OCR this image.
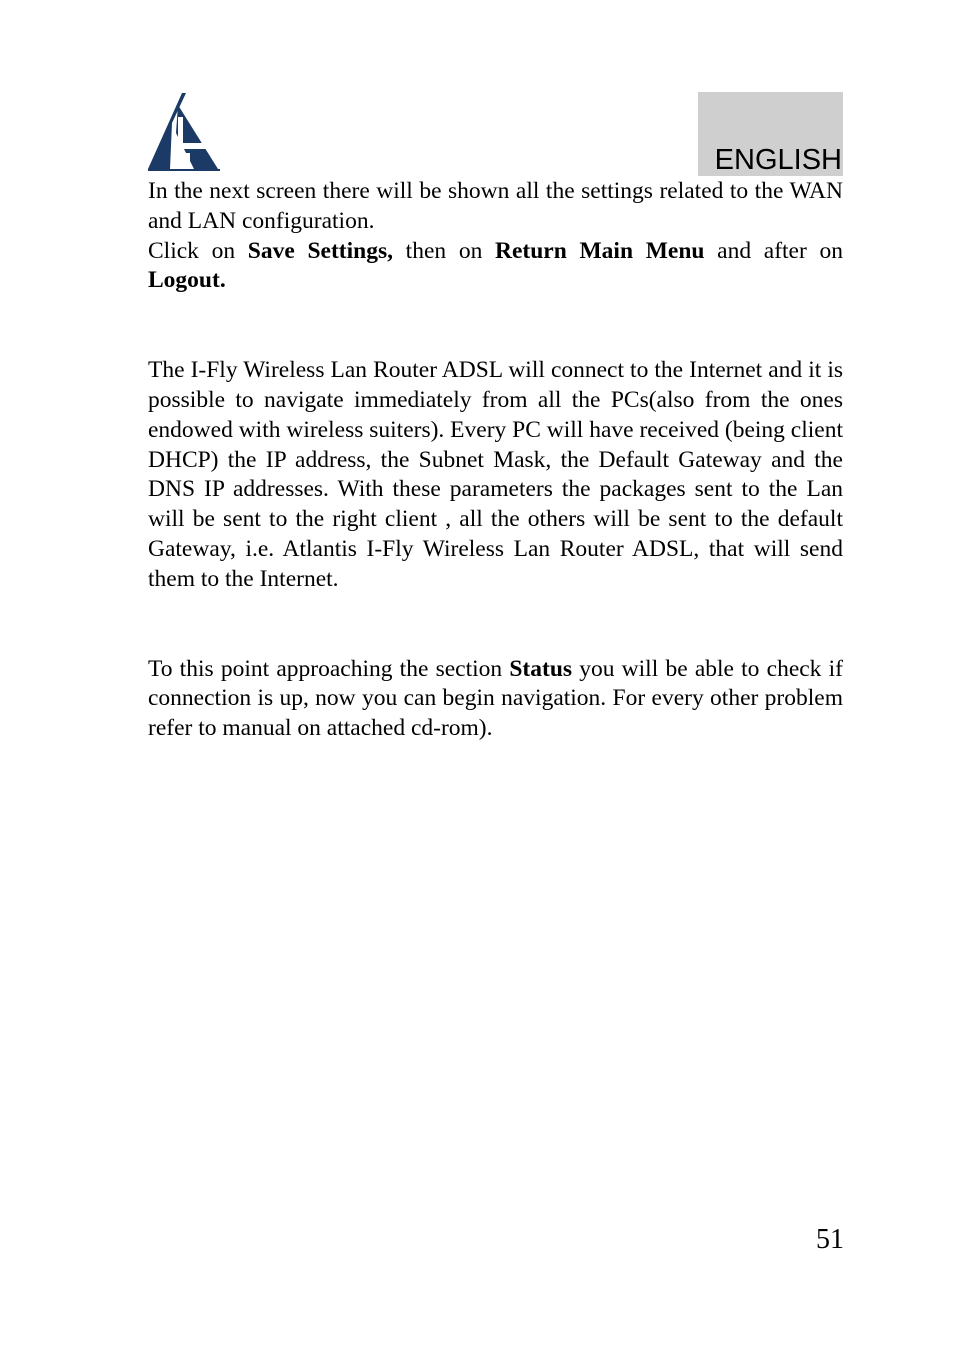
ENGLISH

In the next screen there will be shown all the settings related to the WAN and LAN configuration.

Click on Save Settings, then on Return Main Menu and after on Logout.

The I-Fly Wireless Lan Router ADSL will connect to the Internet and it is possible to navigate immediately from all the PCs(also from the ones endowed with wireless suiters). Every PC will have received (being client DHCP) the IP address, the Subnet Mask, the Default Gateway and the DNS IP addresses. With these parameters the packages sent to the Lan will be sent to the right client , all the others will be sent to the default Gateway, i.e. Atlantis I-Fly Wireless Lan Router ADSL, that will send them to the Internet.

To this point approaching the section Status you will be able to check if connection is up, now you can begin navigation. For every other problem refer to manual on attached cd-rom).

51
